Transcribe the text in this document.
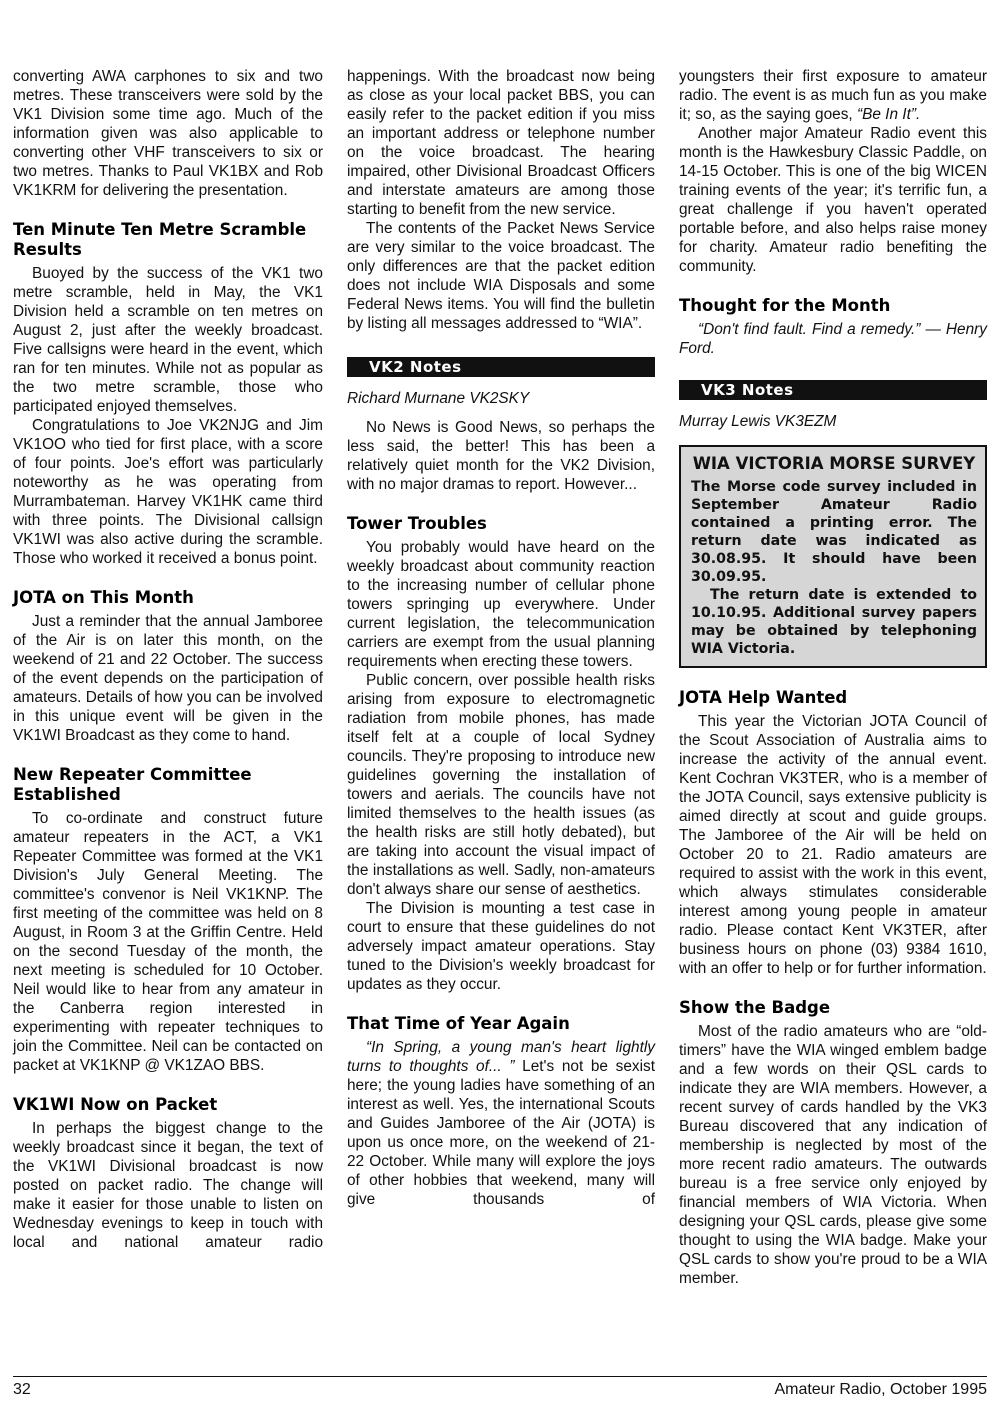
converting AWA carphones to six and two metres. These transceivers were sold by the VK1 Division some time ago. Much of the information given was also applicable to converting other VHF transceivers to six or two metres. Thanks to Paul VK1BX and Rob VK1KRM for delivering the presentation.

Ten Minute Ten Metre Scramble Results

Buoyed by the success of the VK1 two metre scramble, held in May, the VK1 Division held a scramble on ten metres on August 2, just after the weekly broadcast. Five callsigns were heard in the event, which ran for ten minutes. While not as popular as the two metre scramble, those who participated enjoyed themselves.

Congratulations to Joe VK2NJG and Jim VK1OO who tied for first place, with a score of four points. Joe's effort was particularly noteworthy as he was operating from Murrambateman. Harvey VK1HK came third with three points. The Divisional callsign VK1WI was also active during the scramble. Those who worked it received a bonus point.

JOTA on This Month

Just a reminder that the annual Jamboree of the Air is on later this month, on the weekend of 21 and 22 October. The success of the event depends on the participation of amateurs. Details of how you can be involved in this unique event will be given in the VK1WI Broadcast as they come to hand.

New Repeater Committee Established

To co-ordinate and construct future amateur repeaters in the ACT, a VK1 Repeater Committee was formed at the VK1 Division's July General Meeting. The committee's convenor is Neil VK1KNP. The first meeting of the committee was held on 8 August, in Room 3 at the Griffin Centre. Held on the second Tuesday of the month, the next meeting is scheduled for 10 October. Neil would like to hear from any amateur in the Canberra region interested in experimenting with repeater techniques to join the Committee. Neil can be contacted on packet at VK1KNP @ VK1ZAO BBS.

VK1WI Now on Packet

In perhaps the biggest change to the weekly broadcast since it began, the text of the VK1WI Divisional broadcast is now posted on packet radio. The change will make it easier for those unable to listen on Wednesday evenings to keep in touch with local and national amateur radio

happenings. With the broadcast now being as close as your local packet BBS, you can easily refer to the packet edition if you miss an important address or telephone number on the voice broadcast. The hearing impaired, other Divisional Broadcast Officers and interstate amateurs are among those starting to benefit from the new service.

The contents of the Packet News Service are very similar to the voice broadcast. The only differences are that the packet edition does not include WIA Disposals and some Federal News items. You will find the bulletin by listing all messages addressed to “WIA”.

VK2 Notes
Richard Murnane VK2SKY

No News is Good News, so perhaps the less said, the better! This has been a relatively quiet month for the VK2 Division, with no major dramas to report. However...

Tower Troubles

You probably would have heard on the weekly broadcast about community reaction to the increasing number of cellular phone towers springing up everywhere. Under current legislation, the telecommunication carriers are exempt from the usual planning requirements when erecting these towers.

Public concern, over possible health risks arising from exposure to electromagnetic radiation from mobile phones, has made itself felt at a couple of local Sydney councils. They're proposing to introduce new guidelines governing the installation of towers and aerials. The councils have not limited themselves to the health issues (as the health risks are still hotly debated), but are taking into account the visual impact of the installations as well. Sadly, non-amateurs don't always share our sense of aesthetics.

The Division is mounting a test case in court to ensure that these guidelines do not adversely impact amateur operations. Stay tuned to the Division's weekly broadcast for updates as they occur.

That Time of Year Again

“In Spring, a young man's heart lightly turns to thoughts of... ” Let's not be sexist here; the young ladies have something of an interest as well. Yes, the international Scouts and Guides Jamboree of the Air (JOTA) is upon us once more, on the weekend of 21-22 October. While many will explore the joys of other hobbies that weekend, many will give thousands of

youngsters their first exposure to amateur radio. The event is as much fun as you make it; so, as the saying goes, “Be In It”.

Another major Amateur Radio event this month is the Hawkesbury Classic Paddle, on 14-15 October. This is one of the big WICEN training events of the year; it's terrific fun, a great challenge if you haven't operated portable before, and also helps raise money for charity. Amateur radio benefiting the community.

Thought for the Month

“Don't find fault. Find a remedy.” — Henry Ford.

VK3 Notes
Murray Lewis VK3EZM
WIA VICTORIA MORSE SURVEY

The Morse code survey included in September Amateur Radio contained a printing error. The return date was indicated as 30.08.95. It should have been 30.09.95.

The return date is extended to 10.10.95. Additional survey papers may be obtained by telephoning WIA Victoria.

JOTA Help Wanted

This year the Victorian JOTA Council of the Scout Association of Australia aims to increase the activity of the annual event. Kent Cochran VK3TER, who is a member of the JOTA Council, says extensive publicity is aimed directly at scout and guide groups. The Jamboree of the Air will be held on October 20 to 21. Radio amateurs are required to assist with the work in this event, which always stimulates considerable interest among young people in amateur radio. Please contact Kent VK3TER, after business hours on phone (03) 9384 1610, with an offer to help or for further information.

Show the Badge

Most of the radio amateurs who are “old-timers” have the WIA winged emblem badge and a few words on their QSL cards to indicate they are WIA members. However, a recent survey of cards handled by the VK3 Bureau discovered that any indication of membership is neglected by most of the more recent radio amateurs. The outwards bureau is a free service only enjoyed by financial members of WIA Victoria. When designing your QSL cards, please give some thought to using the WIA badge. Make your QSL cards to show you're proud to be a WIA member.

32	Amateur Radio, October 1995
